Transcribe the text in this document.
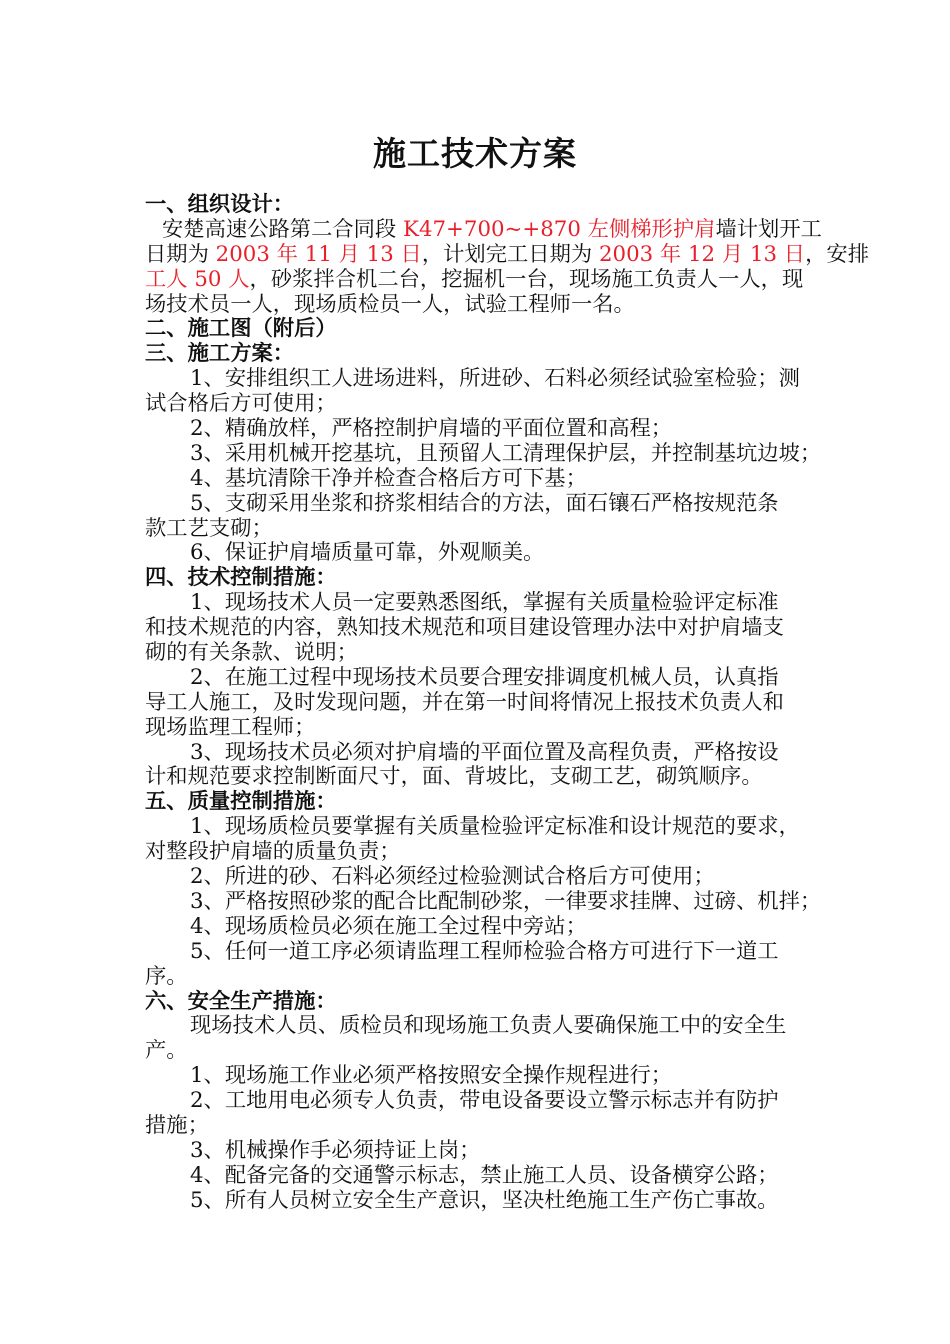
施工技术方案
一、组织设计：
安楚高速公路第二合同段 K47+700~+870 左侧梯形护肩墙计划开工
日期为 2003 年 11 月 13 日，计划完工日期为 2003 年 12 月 13 日，安排
工人 50 人，砂浆拌合机二台，挖掘机一台，现场施工负责人一人，现
场技术员一人，现场质检员一人，试验工程师一名。
二、施工图（附后）
三、施工方案：
1、安排组织工人进场进料，所进砂、石料必须经试验室检验；测
试合格后方可使用；
2、精确放样，严格控制护肩墙的平面位置和高程；
3、采用机械开挖基坑，且预留人工清理保护层，并控制基坑边坡；
4、基坑清除干净并检查合格后方可下基；
5、支砌采用坐浆和挤浆相结合的方法，面石镶石严格按规范条
款工艺支砌；
6、保证护肩墙质量可靠，外观顺美。
四、技术控制措施：
1、现场技术人员一定要熟悉图纸，掌握有关质量检验评定标准
和技术规范的内容，熟知技术规范和项目建设管理办法中对护肩墙支
砌的有关条款、说明；
2、在施工过程中现场技术员要合理安排调度机械人员，认真指
导工人施工，及时发现问题，并在第一时间将情况上报技术负责人和
现场监理工程师；
3、现场技术员必须对护肩墙的平面位置及高程负责，严格按设
计和规范要求控制断面尺寸，面、背坡比，支砌工艺，砌筑顺序。
五、质量控制措施：
1、现场质检员要掌握有关质量检验评定标准和设计规范的要求，
对整段护肩墙的质量负责；
2、所进的砂、石料必须经过检验测试合格后方可使用；
3、严格按照砂浆的配合比配制砂浆，一律要求挂牌、过磅、机拌；
4、现场质检员必须在施工全过程中旁站；
5、任何一道工序必须请监理工程师检验合格方可进行下一道工
序。
六、安全生产措施：
现场技术人员、质检员和现场施工负责人要确保施工中的安全生
产。
1、现场施工作业必须严格按照安全操作规程进行；
2、工地用电必须专人负责，带电设备要设立警示标志并有防护
措施；
3、机械操作手必须持证上岗；
4、配备完备的交通警示标志，禁止施工人员、设备横穿公路；
5、所有人员树立安全生产意识，坚决杜绝施工生产伤亡事故。
